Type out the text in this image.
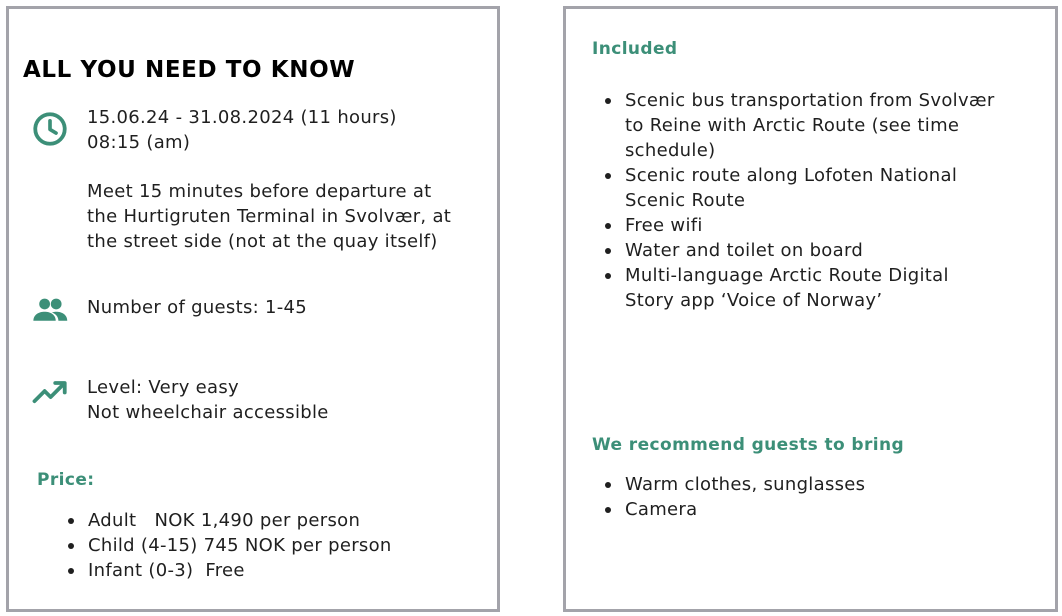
ALL YOU NEED TO KNOW
15.06.24 - 31.08.2024 (11 hours)
08:15 (am)
Meet 15 minutes before departure at
the Hurtigruten Terminal in Svolvær, at
the street side (not at the quay itself)
Number of guests: 1-45
Level: Very easy
Not wheelchair accessible
Price:
Adult   NOK 1,490 per person
Child (4-15) 745 NOK per person
Infant (0-3)  Free
Included
Scenic bus transportation from Svolvær
to Reine with Arctic Route (see time
schedule)
Scenic route along Lofoten National
Scenic Route
Free wifi
Water and toilet on board
Multi-language Arctic Route Digital
Story app ‘Voice of Norway’
We recommend guests to bring
Warm clothes, sunglasses
Camera
